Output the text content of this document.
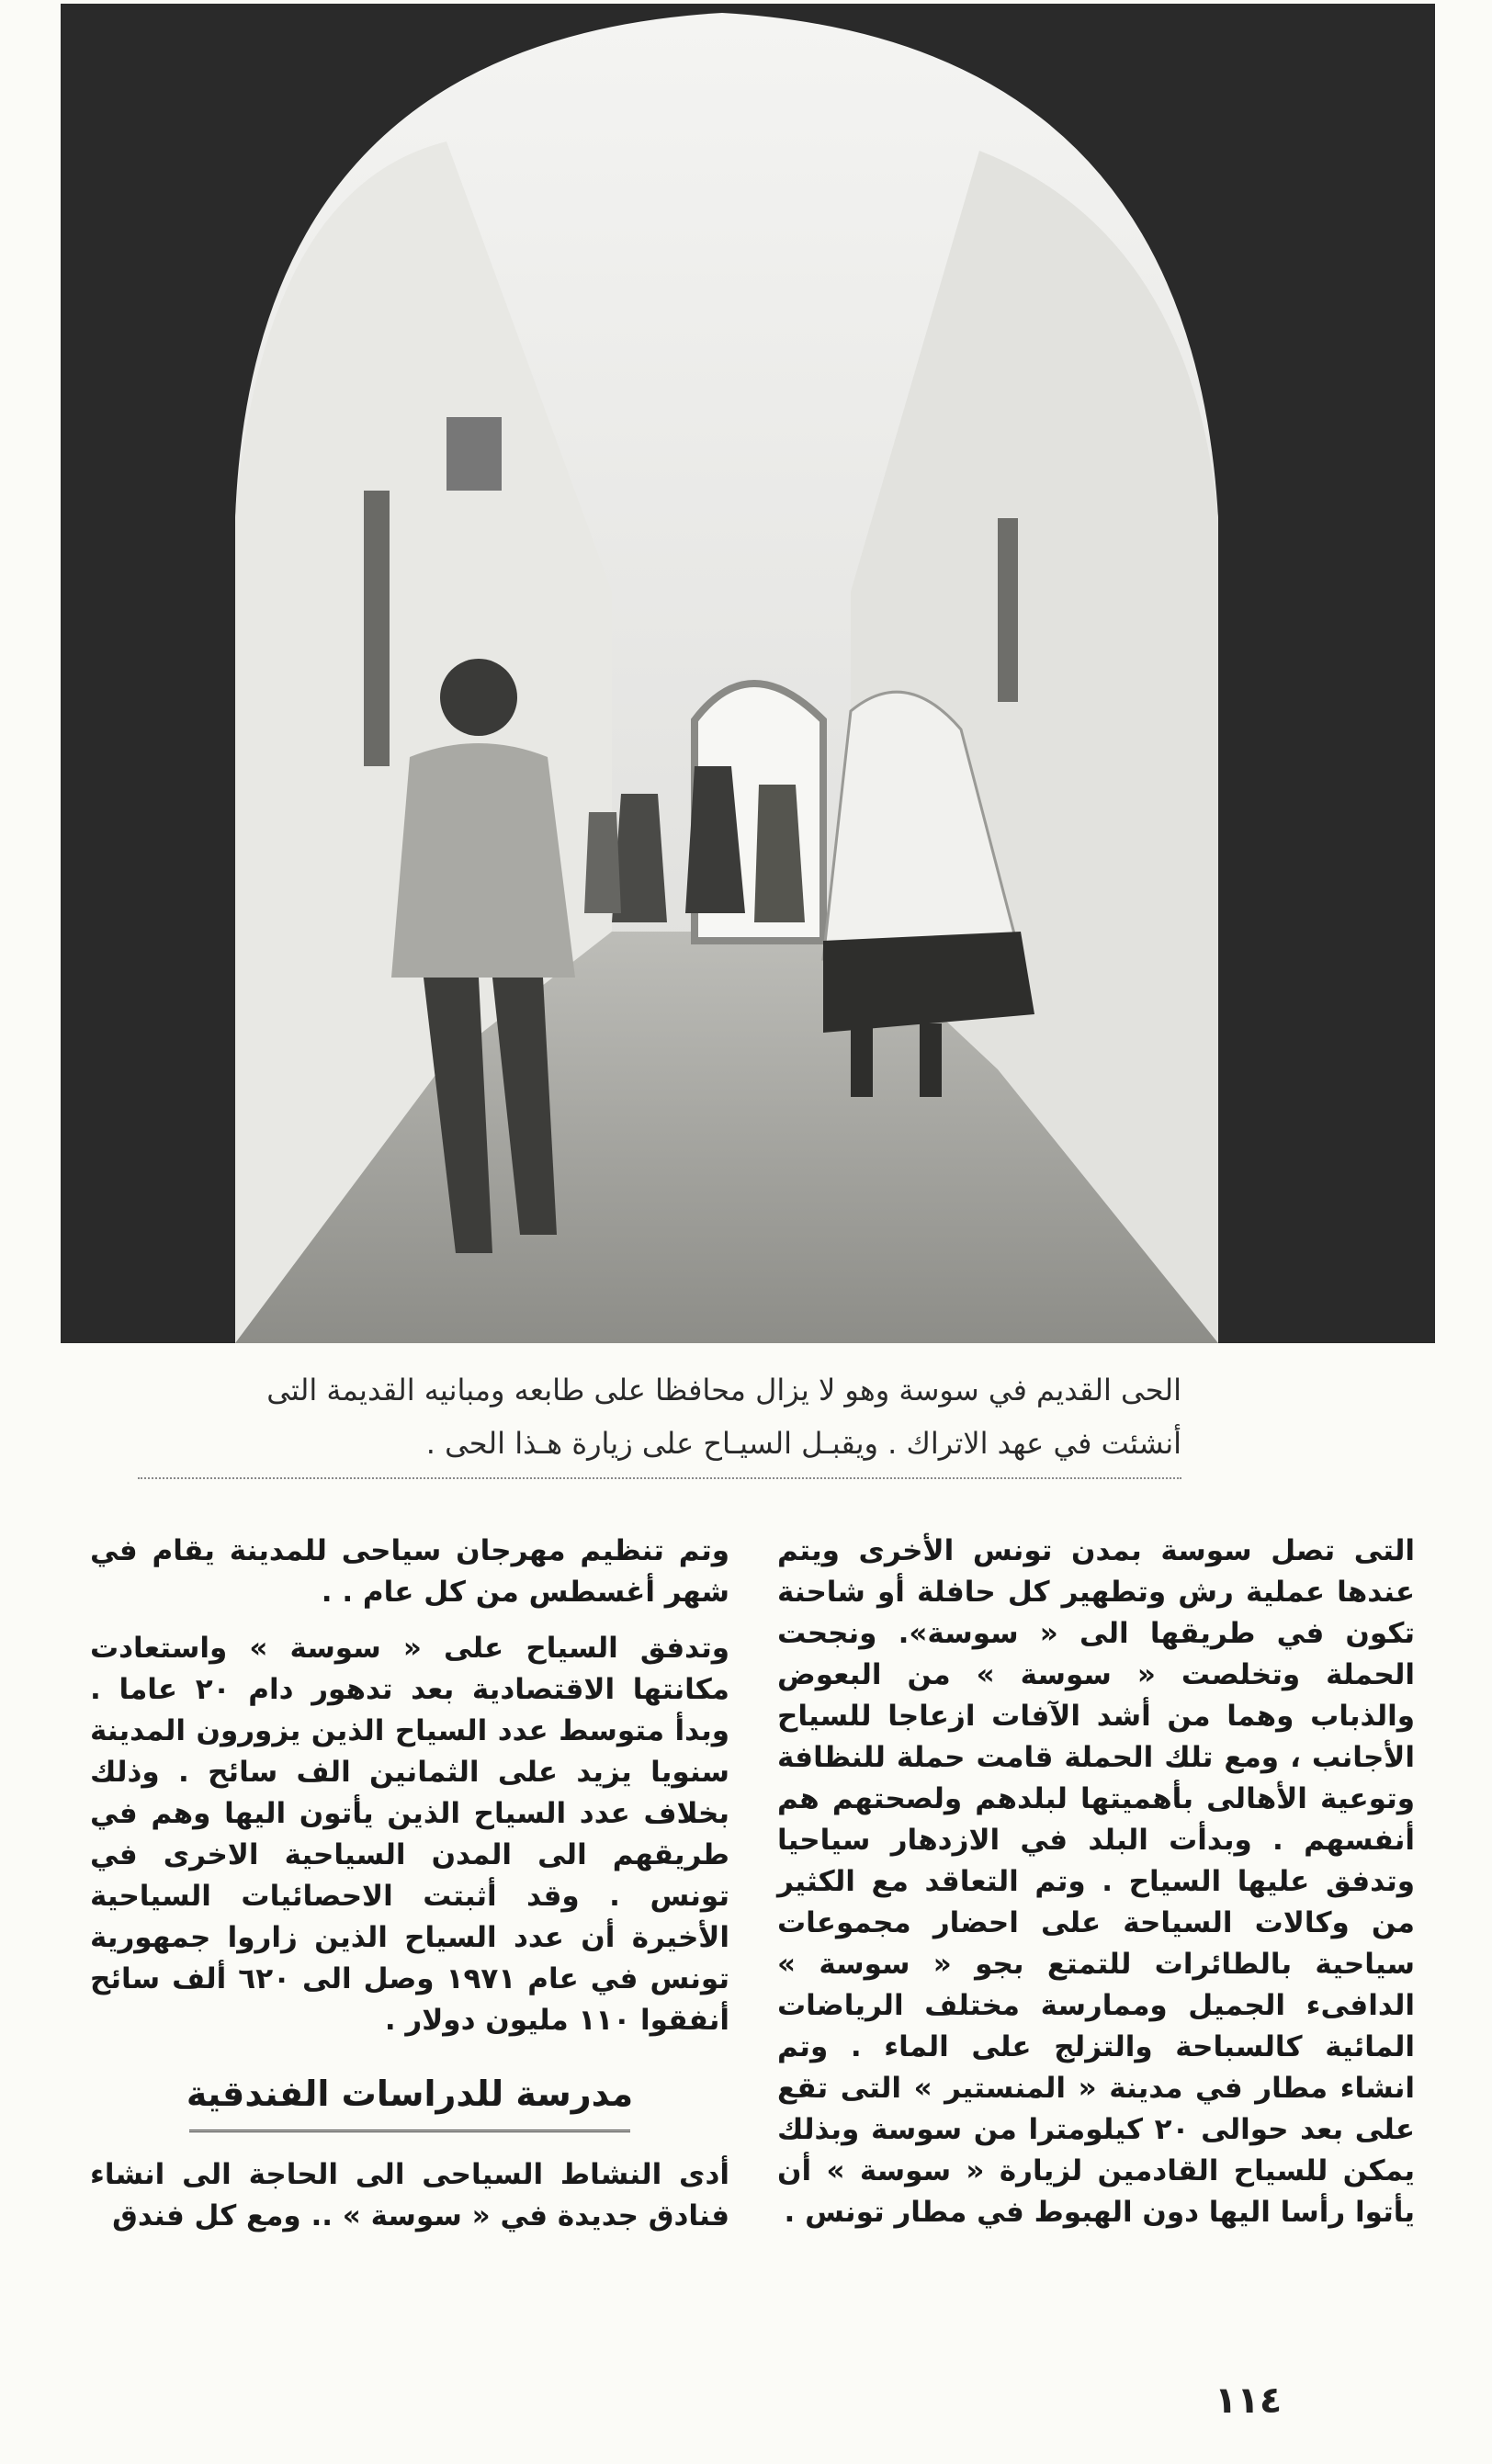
الحى القديم في سوسة وهو لا يزال محافظا على طابعه ومبانيه القديمة التى
أنشئت في عهد الاتراك . ويقبـل السيـاح على زيارة هـذا الحى .

التى تصل سوسة بمدن تونس الأخرى ويتم عندها عملية رش وتطهير كل حافلة أو شاحنة تكون في طريقها الى « سوسة». ونجحت الحملة وتخلصت « سوسة » من البعوض والذباب وهما من أشد الآفات ازعاجا للسياح الأجانب ، ومع تلك الحملة قامت حملة للنظافة وتوعية الأهالى بأهميتها لبلدهم ولصحتهم هم أنفسهم . وبدأت البلد في الازدهار سياحيا وتدفق عليها السياح . وتم التعاقد مع الكثير من وكالات السياحة على احضار مجموعات سياحية بالطائرات للتمتع بجو « سوسة » الدافىء الجميل وممارسة مختلف الرياضات المائية كالسباحة والتزلج على الماء . وتم انشاء مطار في مدينة « المنستير » التى تقع على بعد حوالى ٢٠ كيلومترا من سوسة وبذلك يمكن للسياح القادمين لزيارة « سوسة » أن يأتوا رأسا اليها دون الهبوط في مطار تونس .

وتم تنظيم مهرجان سياحى للمدينة يقام في شهر أغسطس من كل عام . .

وتدفق السياح على « سوسة » واستعادت مكانتها الاقتصادية بعد تدهور دام ٢٠ عاما . وبدأ متوسط عدد السياح الذين يزورون المدينة سنويا يزيد على الثمانين الف سائح . وذلك بخلاف عدد السياح الذين يأتون اليها وهم في طريقهم الى المدن السياحية الاخرى في تونس . وقد أثبتت الاحصائيات السياحية الأخيرة أن عدد السياح الذين زاروا جمهورية تونس في عام ١٩٧١ وصل الى ٦٢٠ ألف سائح أنفقوا ١١٠ مليون دولار .

مدرسة للدراسات الفندقية

أدى النشاط السياحى الى الحاجة الى انشاء فنادق جديدة في « سوسة » .. ومع كل فندق

١١٤
